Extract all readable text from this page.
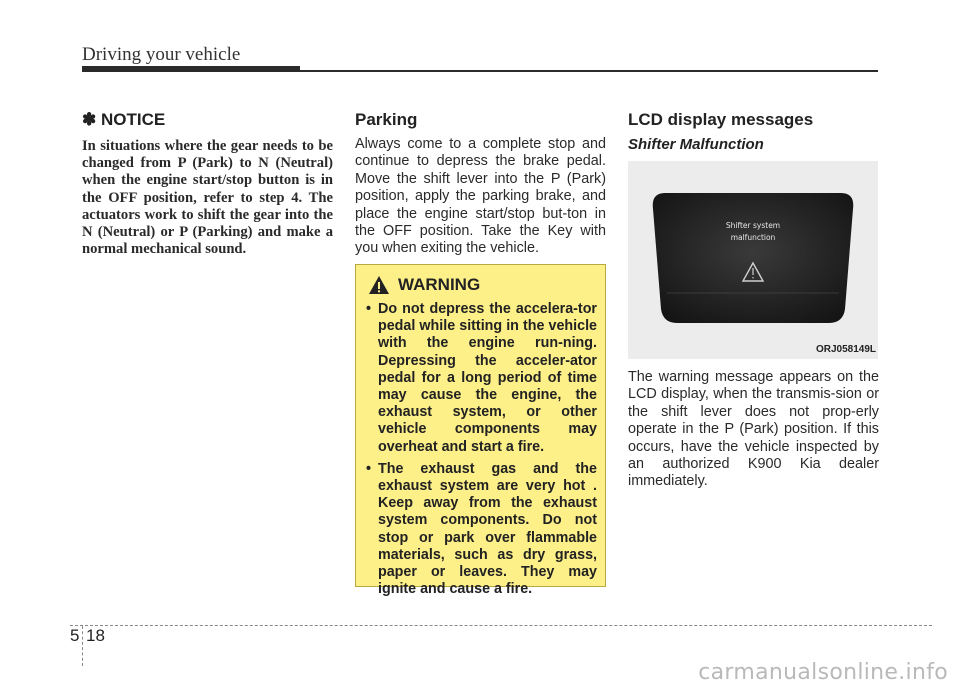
Driving your vehicle
✽ NOTICE

In situations where the gear needs to be changed from P (Park) to N (Neutral) when the engine start/stop button is in the OFF position, refer to step 4. The actuators work to shift the gear into the N (Neutral) or P (Parking) and make a normal mechanical sound.

Parking

Always come to a complete stop and continue to depress the brake pedal. Move the shift lever into the P (Park) position, apply the parking brake, and place the engine start/stop but-ton in the OFF position. Take the Key with you when exiting the vehicle.

WARNING
• Do not depress the accelera-tor pedal while sitting in the vehicle with the engine run-ning. Depressing the acceler-ator pedal for a long period of time may cause the engine, the exhaust system, or other vehicle components may overheat and start a fire.
• The exhaust gas and the exhaust system are very hot . Keep away from the exhaust system components. Do not stop or park over flammable materials, such as dry grass, paper or leaves. They may ignite and cause a fire.
LCD display messages
Shifter Malfunction
Shifter system
malfunction
ORJ058149L

The warning message appears on the LCD display, when the transmis-sion or the shift lever does not prop-erly operate in the P (Park) position. If this occurs, have the vehicle inspected by an authorized K900 Kia dealer immediately.

5 18
carmanualsonline.info
